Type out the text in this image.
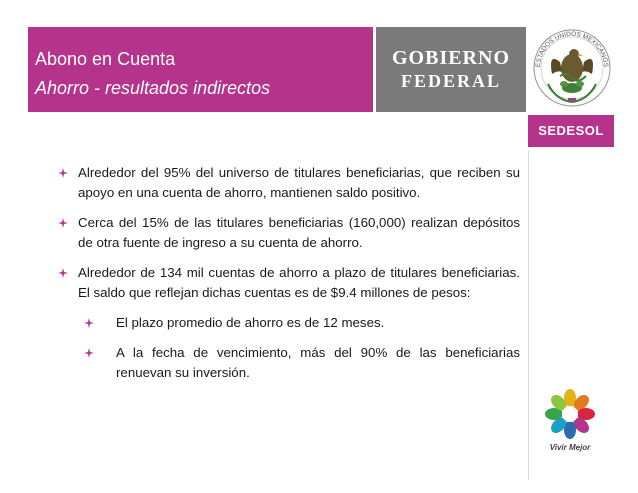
Abono en Cuenta
Ahorro - resultados indirectos
GOBIERNO
FEDERAL
ESTADOS UNIDOS MEXICANOS
SEDESOL
Alrededor del 95% del universo de titulares beneficiarias, que reciben su apoyo en una cuenta de ahorro, mantienen saldo positivo.
Cerca del 15% de las titulares beneficiarias (160,000) realizan depósitos de otra fuente de ingreso a su cuenta de ahorro.
Alrededor de 134 mil cuentas de ahorro a plazo de titulares beneficiarias. El saldo que reflejan dichas cuentas es de $9.4 millones de pesos:
El plazo promedio de ahorro es de 12 meses.
A la fecha de vencimiento, más del 90% de las beneficiarias renuevan su inversión.
Vivir Mejor
